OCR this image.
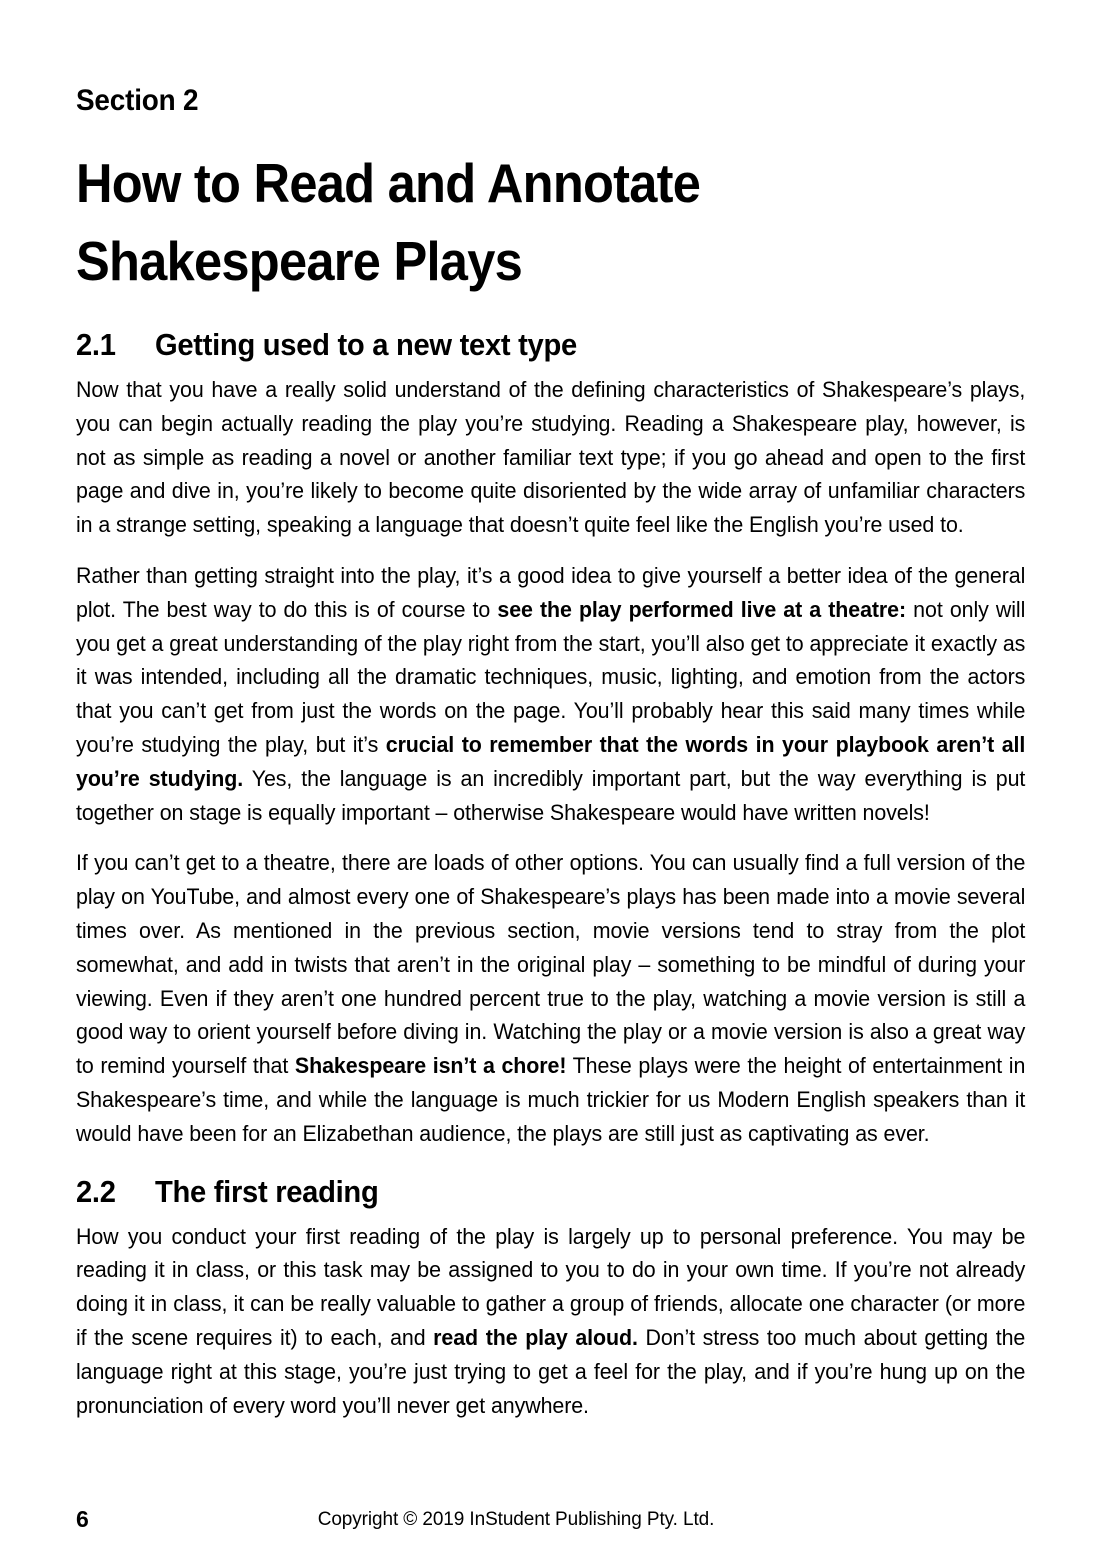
Section 2
How to Read and Annotate
Shakespeare Plays
2.1	Getting used to a new text type

Now that you have a really solid understand of the defining characteristics of Shakespeare’s plays, you can begin actually reading the play you’re studying. Reading a Shakespeare play, however, is not as simple as reading a novel or another familiar text type; if you go ahead and open to the first page and dive in, you’re likely to become quite disoriented by the wide array of unfamiliar characters in a strange setting, speaking a language that doesn’t quite feel like the English you’re used to.

Rather than getting straight into the play, it’s a good idea to give yourself a better idea of the general plot. The best way to do this is of course to see the play performed live at a theatre: not only will you get a great understanding of the play right from the start, you’ll also get to appreciate it exactly as it was intended, including all the dramatic techniques, music, lighting, and emotion from the actors that you can’t get from just the words on the page. You’ll probably hear this said many times while you’re studying the play, but it’s crucial to remember that the words in your playbook aren’t all you’re studying. Yes, the language is an incredibly important part, but the way everything is put together on stage is equally important – otherwise Shakespeare would have written novels!

If you can’t get to a theatre, there are loads of other options. You can usually find a full version of the play on YouTube, and almost every one of Shakespeare’s plays has been made into a movie several times over. As mentioned in the previous section, movie versions tend to stray from the plot somewhat, and add in twists that aren’t in the original play – something to be mindful of during your viewing. Even if they aren’t one hundred percent true to the play, watching a movie version is still a good way to orient yourself before diving in. Watching the play or a movie version is also a great way to remind yourself that Shakespeare isn’t a chore! These plays were the height of entertainment in Shakespeare’s time, and while the language is much trickier for us Modern English speakers than it would have been for an Elizabethan audience, the plays are still just as captivating as ever.

2.2	The first reading

How you conduct your first reading of the play is largely up to personal preference. You may be reading it in class, or this task may be assigned to you to do in your own time. If you’re not already doing it in class, it can be really valuable to gather a group of friends, allocate one character (or more if the scene requires it) to each, and read the play aloud. Don’t stress too much about getting the language right at this stage, you’re just trying to get a feel for the play, and if you’re hung up on the pronunciation of every word you’ll never get anywhere.

6	Copyright © 2019 InStudent Publishing Pty. Ltd.
